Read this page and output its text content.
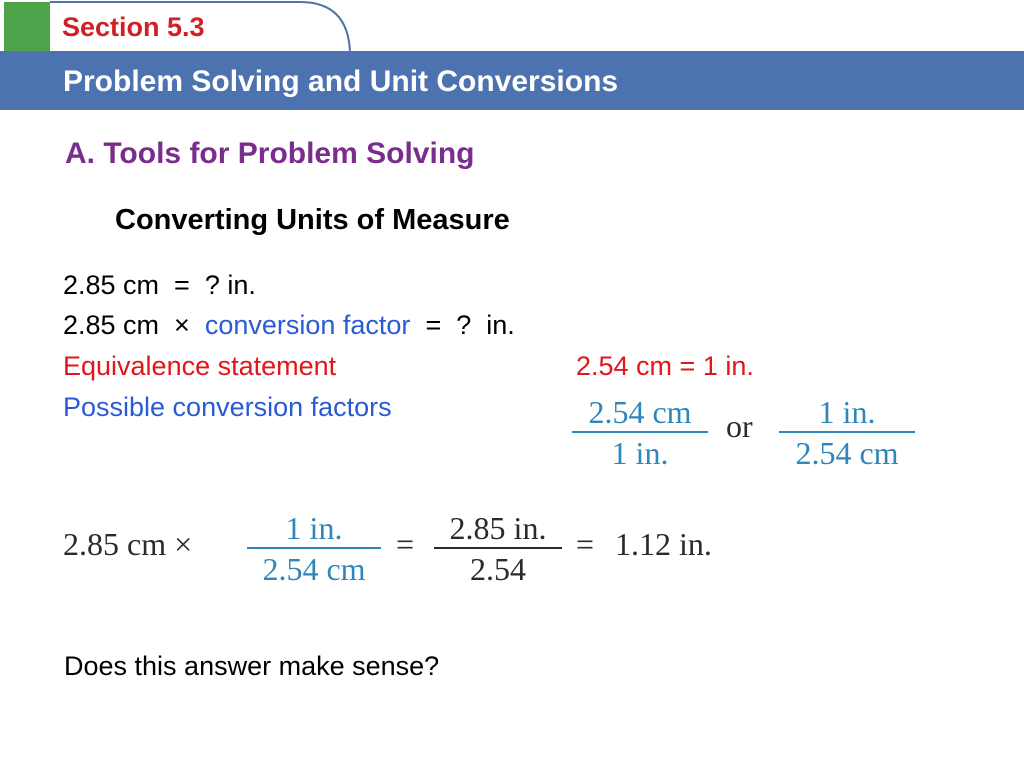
Section 5.3
Problem Solving and Unit Conversions
A. Tools for Problem Solving
Converting Units of Measure
2.85 cm  =  ? in.
2.85 cm  ×  conversion factor  =  ?  in.
Equivalence statement	2.54 cm = 1 in.
Possible conversion factors	2.54 cm
1 in.
or	1 in.
2.54 cm
2.85 cm ×	1 in.
2.54 cm
=	2.85 in.
2.54
= 1.12 in.
Does this answer make sense?
